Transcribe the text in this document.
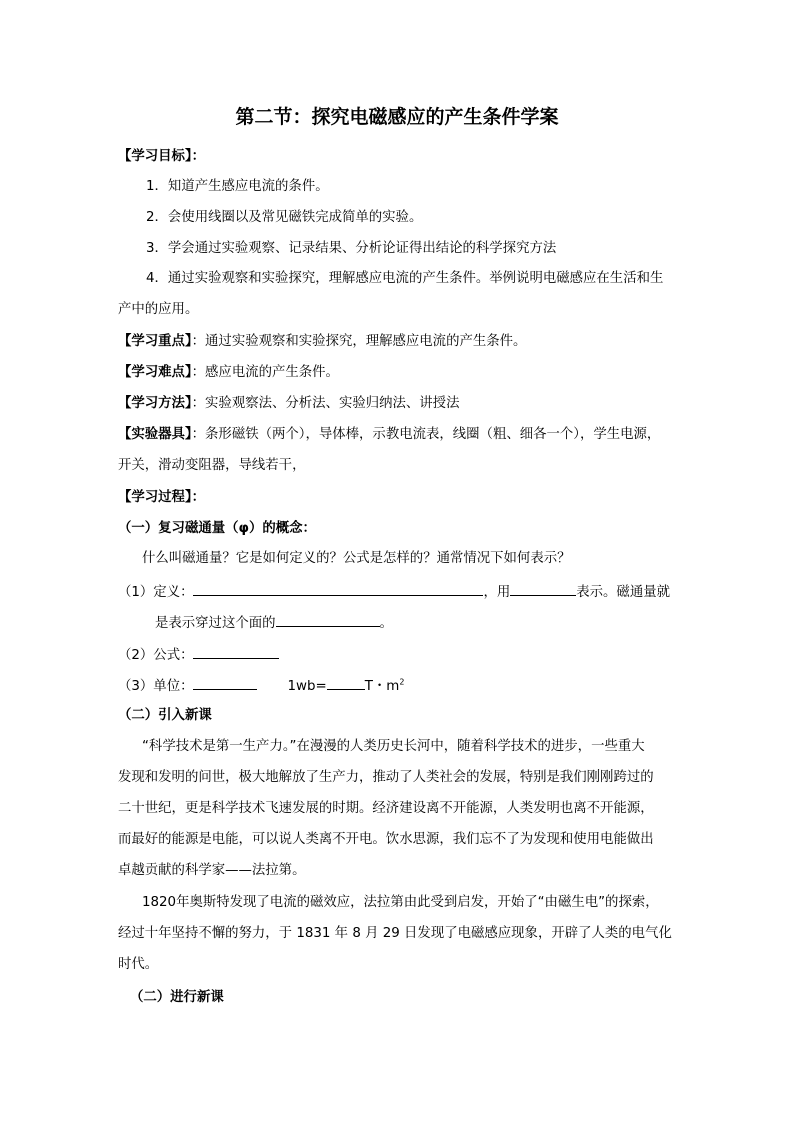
第二节：探究电磁感应的产生条件学案
【学习目标】：
1．知道产生感应电流的条件。
2．会使用线圈以及常见磁铁完成简单的实验。
3．学会通过实验观察、记录结果、分析论证得出结论的科学探究方法
4．通过实验观察和实验探究，理解感应电流的产生条件。举例说明电磁感应在生活和生
产中的应用。
【学习重点】：通过实验观察和实验探究，理解感应电流的产生条件。
【学习难点】：感应电流的产生条件。
【学习方法】：实验观察法、分析法、实验归纳法、讲授法
【实验器具】：条形磁铁（两个），导体棒，示教电流表，线圈（粗、细各一个），学生电源，
开关，滑动变阻器，导线若干，
【学习过程】：
（一）复习磁通量（φ）的概念：
什么叫磁通量？它是如何定义的？公式是怎样的？通常情况下如何表示？
（1）定义：	，用	表示。磁通量就
是表示穿过这个面的	。
（2）公式：
（3）单位：	1wb=	T・$m^2$
（二）引入新课
“科学技术是第一生产力。”在漫漫的人类历史长河中，随着科学技术的进步，一些重大
发现和发明的问世，极大地解放了生产力，推动了人类社会的发展，特别是我们刚刚跨过的
二十世纪，更是科学技术飞速发展的时期。经济建设离不开能源，人类发明也离不开能源，
而最好的能源是电能，可以说人类离不开电。饮水思源，我们忘不了为发现和使用电能做出
卓越贡献的科学家——法拉第。
1820年奥斯特发现了电流的磁效应，法拉第由此受到启发，开始了“由磁生电”的探索，
经过十年坚持不懈的努力，于 1831 年 8 月 29 日发现了电磁感应现象，开辟了人类的电气化
时代。
（二）进行新课
